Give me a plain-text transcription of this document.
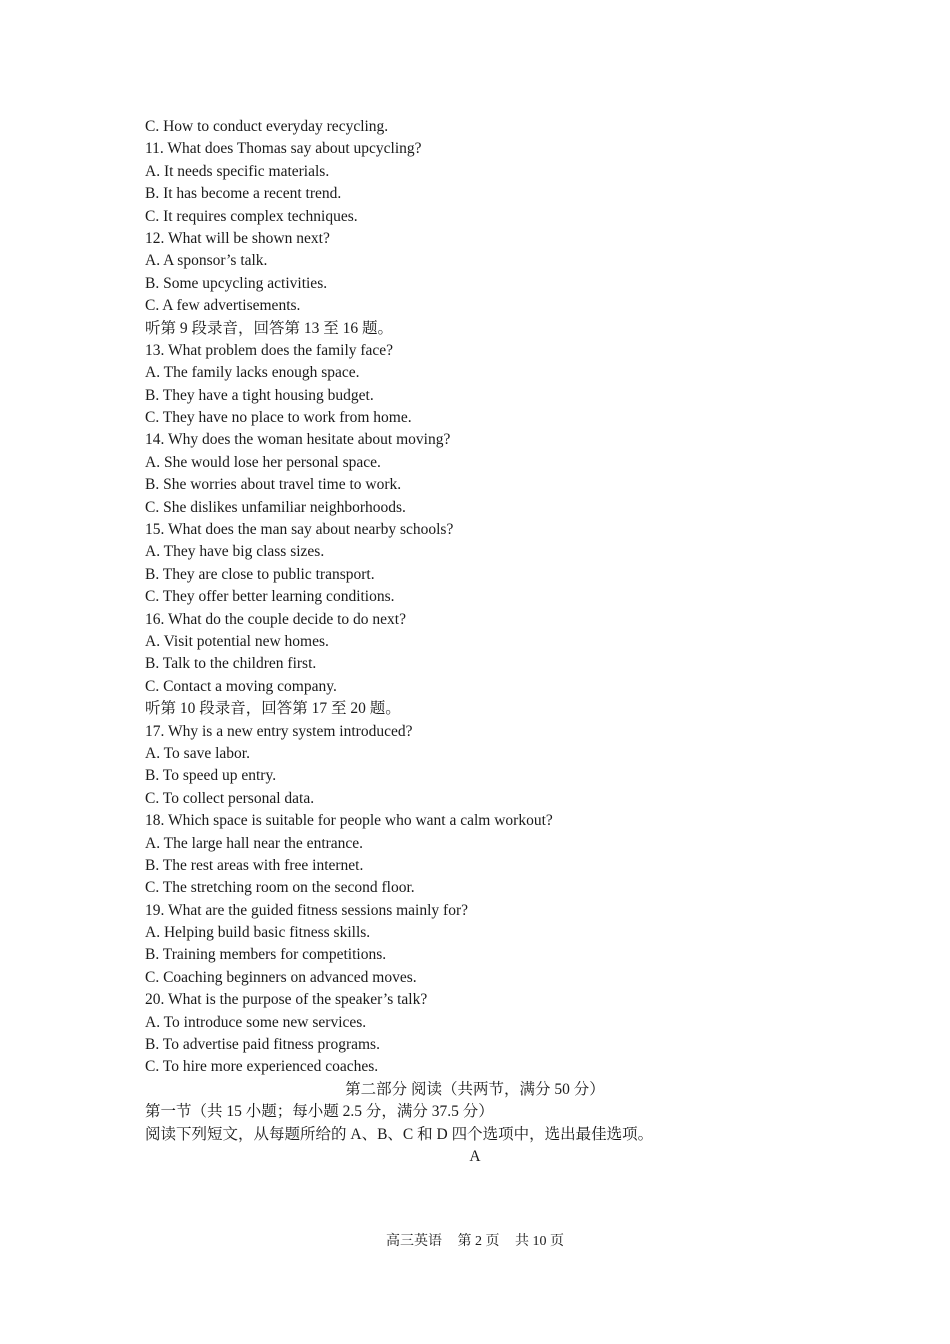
C. How to conduct everyday recycling.
11. What does Thomas say about upcycling?
A. It needs specific materials.
B. It has become a recent trend.
C. It requires complex techniques.
12. What will be shown next?
A. A sponsor’s talk.
B. Some upcycling activities.
C. A few advertisements.
听第 9 段录音，回答第 13 至 16 题。
13. What problem does the family face?
A. The family lacks enough space.
B. They have a tight housing budget.
C. They have no place to work from home.
14. Why does the woman hesitate about moving?
A. She would lose her personal space.
B. She worries about travel time to work.
C. She dislikes unfamiliar neighborhoods.
15. What does the man say about nearby schools?
A. They have big class sizes.
B. They are close to public transport.
C. They offer better learning conditions.
16. What do the couple decide to do next?
A. Visit potential new homes.
B. Talk to the children first.
C. Contact a moving company.
听第 10 段录音，回答第 17 至 20 题。
17. Why is a new entry system introduced?
A. To save labor.
B. To speed up entry.
C. To collect personal data.
18. Which space is suitable for people who want a calm workout?
A. The large hall near the entrance.
B. The rest areas with free internet.
C. The stretching room on the second floor.
19. What are the guided fitness sessions mainly for?
A. Helping build basic fitness skills.
B. Training members for competitions.
C. Coaching beginners on advanced moves.
20. What is the purpose of the speaker’s talk?
A. To introduce some new services.
B. To advertise paid fitness programs.
C. To hire more experienced coaches.
第二部分 阅读（共两节，满分 50 分）
第一节（共 15 小题；每小题 2.5 分，满分 37.5 分）
阅读下列短文，从每题所给的 A、B、C 和 D 四个选项中，选出最佳选项。
A
高三英语 第 2 页 共 10 页
